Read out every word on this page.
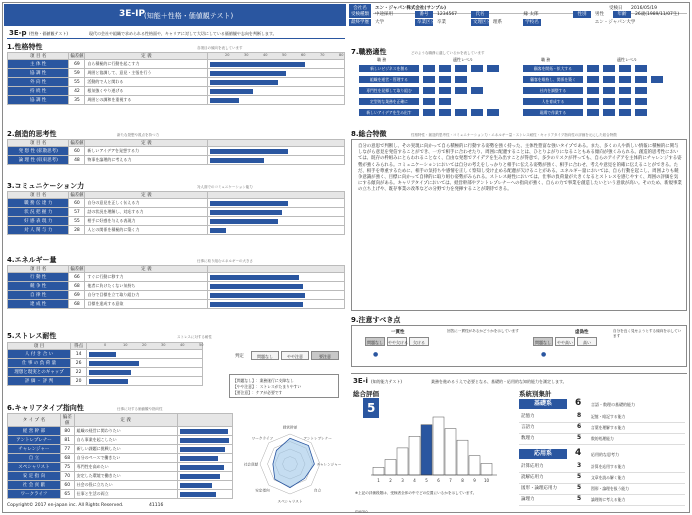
3E-IP
(知能＋性格・価値観テスト)
会社名	エン・ジャパン株式会社(サンプル)	受検日	2016/05/19
受検種類	中途採用	番号	1234567	氏名	縁 太郎	性別	男性	年齢	26歳(1989/11/07生)
最終学歴	大学	卒業区分 卒業	文理区分 理系	学校名	エン・ジャパン大学
3E-p (性格・価値観テスト)	現代の会社や組織で求められる性格面や、キャリアに対して大切にしている価値観や志向を判断します。
1.性格特性	各項目の傾向を表しています
項 目 名	偏差値	定 義	
主 体 性	69	自ら積極的に行動を起こす力	

協 調 性	59	周囲と協調して、意見・主張を行う	

外 向 性	55	活動的で人と関わる	

持 続 性	42	根気強くやり遂げる	

協 調 性	35	周囲との調和を重視する	
2.創造的思考性	新たな発想や視点を持つ力
項 目 名	偏差値	定 義	
発 想 性 (拡散思考)	60	新しいアイデアを発想する力	

論 理 性 (収束思考)	48	物事を論理的に考える力	
3.コミュニケーション力	対人面でのコミュニケーション能力
項 目 名	偏差値	定 義	
職 務 伝 達 力	60	自分の意見を正しく伝える力	

状 況 把 握 力	57	話の状況を理解し、対応する力	

好 感 表 現 力	55	相手に好感を与える表現力	

対 人 関 与 力	28	人との関係を積極的に築く力	
4.エネルギー量	仕事に取り組むエネルギーの大きさ
項 目 名	偏差値	定 義	
行 動 性	66	すぐに行動に移す力	

競 争 性	68	他者に負けたくない気持ち	

自 律 性	69	自分で目標を立て取り組む力	

達 成 性	68	目標を達成する意欲	
5.ストレス耐性	ストレスに対する耐性
項 目	得点	
人 付 き 合 い	14	

仕 事 の 負 荷 量	26	

理想と現実とのギャップ	22	

評 価 ・ 評 判	20	
判定
【問題なし】：業務遂行に支障なし
【やや注意】：ストレスがたまりやすい
【要注意】：ケアが必要です
6.キャリアタイプ指向性	仕事に対する価値観や指向性
タ イ プ 名	偏差値	定 義	
経 営 幹 部	80	組織の経営に関わりたい	

アントレプレナー	81	自ら事業を起こしたい	

チャレンジャー	77	新しい課題に挑戦したい	

自 立	68	自分のペースで働きたい	

スペシャリスト	75	専門性を高めたい	

安 定 指 向	70	安定した環境で働きたい	

社 会 貢 献	60	社会の役に立ちたい	

ワークライフ	65	仕事と生活の両立	
経営幹部
アントレプレナー
チャレンジャー
自立
スペシャリスト
安定指向
社会貢献
ワークライフ
20	30	40	50	60	70	80
0	10	20	30	40	50
問題なし	やや注意	要注意
Copyright© 2017 en-japan inc. All Rights Reserved.	41116
7.職務適性	どのような職務に適しているかを表しています
職 務	適性レベル
新しいビジネスを創る
組織を運営・管理する
専門性を発揮して取り組む
定型的な業務を正確に
新しいアイデアを生み出す
職 務	適性レベル
顧客を開拓・拡大する
顧客を維持し、関係を築く
社内を調整する
人を育成する
現場で作業する
8.総合特徴	性格特性・創造的思考性・コミュニケーション力・エネルギー量・ストレス耐性・キャリアタイプ指向性の評価を元にした総合特徴
自分の意思で判断し、その実現に向かって自ら積極的に行動する姿勢を強く持った、主体性豊富な強いタイプである。また、多くの人や新しい情報に積極的に関与しながら意見を発信することができ、一方で相手に合わせたり、周囲に配慮することは、ひとりよがりになることもある傾向が強くみられる。創造的思考性においては、既存の枠組みにとらわれることなく、自由な発想でアイデアを生み出すことが得意で、多少のリスクが伴っても、自らのアイデアを主体的にチャレンジする姿勢が強くみられる。コミュニケーションにおいては自分の考えをしっかりと相手に伝える姿勢が強く、相手に合わせ、考えや意見を的確に伝えることができる。ただ、相手を尊重するために、相手の気持ちや感情を正しく察知し受け止める配慮が欠けることがある。エネルギー量においては、自ら行動を起こし、周囲よりも競争意識が強く、目標に向かって自律的に取り組む姿勢がみられる。ストレス耐性においては、仕事の負荷量が大きくなるとストレスを感じやすく、周囲の評価を気にする傾向がある。キャリアタイプにおいては、経営幹部やアントレプレナーへの指向が強く、自らの力で事業を創造したいという意欲が高い。そのため、新規事業の立ち上げや、既存事業の改革などの分野で力を発揮することが期待できる。
9.注意すべき点
一貫性	虚偽性
回答に一貫性があるかどうかを示しています	自分を良く見せようとする傾向を示しています
問題なし	やや欠ける	欠ける
●
問題なし	やや高い	高い
●
3E-i (知的能力テスト)	業務を進めるうえで必要となる、基礎的・応用的な知的能力を測定します。
総合評価
5
1 2 3 4 5 6 7 8 9 10
※上記の評価段階は、受検者全体の中でどの位置にいるかを示しています。
系統別集計
基礎系	6 言語・数理の基礎的能力
記憶力	8	記憶・暗記する能力
言語力	6	言葉を理解する能力
数理力	5	数的処理能力
応用系	4 応用的な思考力
計算応用力	3	計算を応用する能力
読解応用力	5	文章を読み解く能力
図形・論理応用力	5	図形・論理を扱う能力
論理力	5	論理的に考える能力
memo
